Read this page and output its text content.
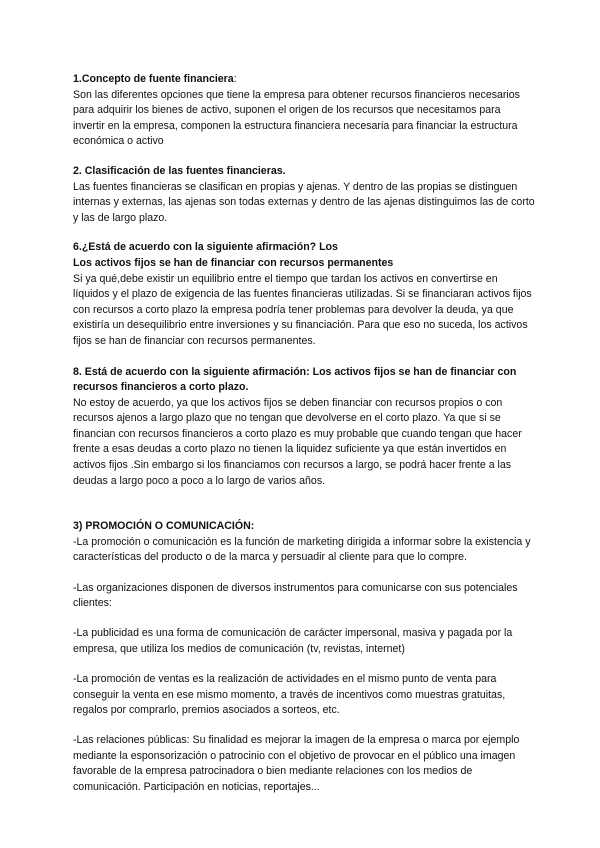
1.Concepto de fuente financiera:

Son las diferentes opciones que tiene la empresa para obtener recursos financieros necesarios para adquirir los bienes de activo, suponen el origen de los recursos que necesitamos para invertir en la empresa, componen la estructura financiera necesaria para financiar la estructura económica o activo

2. Clasificación de las fuentes financieras.

Las fuentes financieras se clasifican en propias y ajenas. Y dentro de las propias se distinguen internas y externas, las ajenas son todas externas y dentro de las ajenas distinguimos las de corto y las de largo plazo.

6.¿Está de acuerdo con la siguiente afirmación? Los

Los activos fijos se han de financiar con recursos permanentes

Si ya qué,debe existir un equilibrio entre el tiempo que tardan los activos en convertirse en líquidos y el plazo de exigencia de las fuentes financieras utilizadas. Si se financiaran activos fijos con recursos a corto plazo la empresa podría tener problemas para devolver la deuda, ya que existiría un desequilibrio entre inversiones y su financiación. Para que eso no suceda, los activos fijos se han de financiar con recursos permanentes.

8. Está de acuerdo con la siguiente afirmación: Los activos fijos se han de financiar con recursos financieros a corto plazo.

No estoy de acuerdo, ya que los activos fijos se deben financiar con recursos propios o con recursos ajenos a largo plazo que no tengan que devolverse en el corto plazo. Ya que si se financian con recursos financieros a corto plazo es muy probable que cuando tengan que hacer frente a esas deudas a corto plazo no tienen la liquidez suficiente ya que están invertidos en activos fijos .Sin embargo si los financiamos con recursos a largo, se podrá hacer frente a las deudas a largo poco a poco a lo largo de varios años.

3) PROMOCIÓN O COMUNICACIÓN:

-La promoción o comunicación es la función de marketing dirigida a informar sobre la existencia y características del producto o de la marca y persuadir al cliente para que lo compre.

-Las organizaciones disponen de diversos instrumentos para comunicarse con sus potenciales clientes:

-La publicidad es una forma de comunicación de carácter impersonal, masiva y pagada por la empresa, que utiliza los medios de comunicación (tv, revistas, internet)

-La promoción de ventas es la realización de actividades en el mismo punto de venta para conseguir la venta en ese mismo momento, a través de incentivos como muestras gratuitas, regalos por comprarlo, premios asociados a sorteos, etc.

-Las relaciones públicas: Su finalidad es mejorar la imagen de la empresa o marca por ejemplo mediante la esponsorización o patrocinio con el objetivo de provocar en el público una imagen favorable de la empresa patrocinadora o bien mediante relaciones con los medios de comunicación. Participación en noticias, reportajes...
